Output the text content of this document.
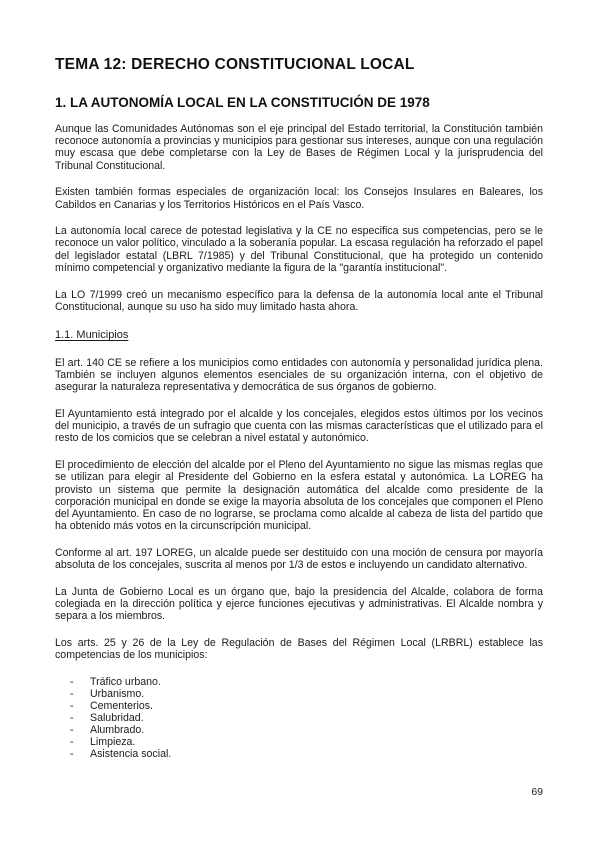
TEMA 12: DERECHO CONSTITUCIONAL LOCAL
1. LA AUTONOMÍA LOCAL EN LA CONSTITUCIÓN DE 1978

Aunque las Comunidades Autónomas son el eje principal del Estado territorial, la Constitución también reconoce autonomía a provincias y municipios para gestionar sus intereses, aunque con una regulación muy escasa que debe completarse con la Ley de Bases de Régimen Local y la jurisprudencia del Tribunal Constitucional.

Existen también formas especiales de organización local: los Consejos Insulares en Baleares, los Cabildos en Canarias y los Territorios Históricos en el País Vasco.

La autonomía local carece de potestad legislativa y la CE no especifica sus competencias, pero se le reconoce un valor político, vinculado a la soberanía popular. La escasa regulación ha reforzado el papel del legislador estatal (LBRL 7/1985) y del Tribunal Constitucional, que ha protegido un contenido mínimo competencial y organizativo mediante la figura de la "garantía institucional".

La LO 7/1999 creó un mecanismo específico para la defensa de la autonomía local ante el Tribunal Constitucional, aunque su uso ha sido muy limitado hasta ahora.

1.1. Municipios

El art. 140 CE se refiere a los municipios como entidades con autonomía y personalidad jurídica plena. También se incluyen algunos elementos esenciales de su organización interna, con el objetivo de asegurar la naturaleza representativa y democrática de sus órganos de gobierno.

El Ayuntamiento está integrado por el alcalde y los concejales, elegidos estos últimos por los vecinos del municipio, a través de un sufragio que cuenta con las mismas características que el utilizado para el resto de los comicios que se celebran a nivel estatal y autonómico.

El procedimiento de elección del alcalde por el Pleno del Ayuntamiento no sigue las mismas reglas que se utilizan para elegir al Presidente del Gobierno en la esfera estatal y autonómica. La LOREG ha provisto un sistema que permite la designación automática del alcalde como presidente de la corporación municipal en donde se exige la mayoría absoluta de los concejales que componen el Pleno del Ayuntamiento. En caso de no lograrse, se proclama como alcalde al cabeza de lista del partido que ha obtenido más votos en la circunscripción municipal.

Conforme al art. 197 LOREG, un alcalde puede ser destituido con una moción de censura por mayoría absoluta de los concejales, suscrita al menos por 1/3 de estos e incluyendo un candidato alternativo.

La Junta de Gobierno Local es un órgano que, bajo la presidencia del Alcalde, colabora de forma colegiada en la dirección política y ejerce funciones ejecutivas y administrativas. El Alcalde nombra y separa a los miembros.

Los arts. 25 y 26 de la Ley de Regulación de Bases del Régimen Local (LRBRL) establece las competencias de los municipios:

- Tráfico urbano.
- Urbanismo.
- Cementerios.
- Salubridad.
- Alumbrado.
- Limpieza.
- Asistencia social.
69
